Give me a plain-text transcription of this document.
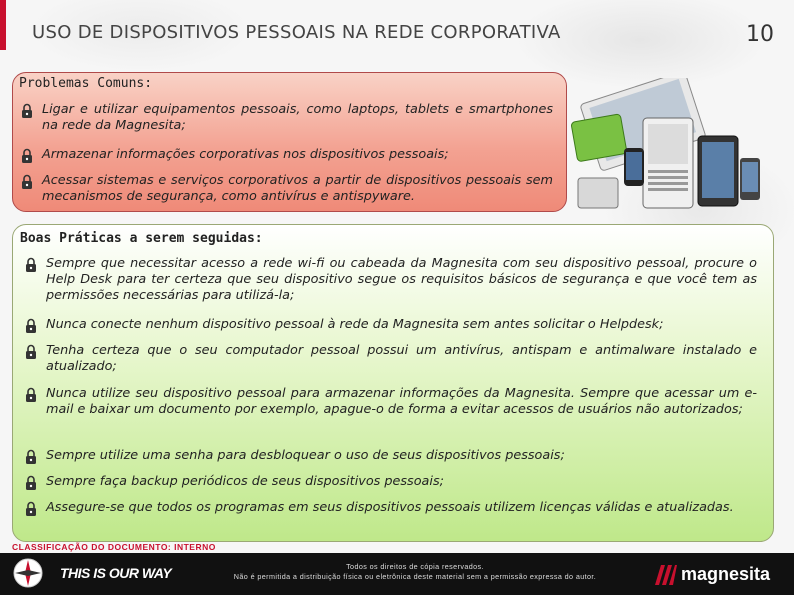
USO DE DISPOSITIVOS PESSOAIS NA REDE CORPORATIVA	10
Problemas Comuns:
Ligar e utilizar equipamentos pessoais, como laptops, tablets e smartphones na rede da Magnesita;
Armazenar informações corporativas nos dispositivos pessoais;
Acessar sistemas e serviços corporativos a partir de dispositivos pessoais sem mecanismos de segurança, como antivírus e antispyware.
Boas Práticas a serem seguidas:
Sempre que necessitar acesso a rede wi-fi ou cabeada da Magnesita com seu dispositivo pessoal, procure o Help Desk para ter certeza que seu dispositivo segue os requisitos básicos de segurança e que você tem as permissões necessárias para utilizá-la;
Nunca conecte nenhum dispositivo pessoal à rede da Magnesita sem antes solicitar o Helpdesk;
Tenha certeza que o seu computador pessoal possui um antivírus, antispam e antimalware instalado e atualizado;
Nunca utilize seu dispositivo pessoal para armazenar informações da Magnesita. Sempre que acessar um e-mail e baixar um documento por exemplo, apague-o de forma a evitar acessos de usuários não autorizados;
Sempre utilize uma senha para desbloquear o uso de seus dispositivos pessoais;
Sempre faça backup periódicos de seus dispositivos pessoais;
Assegure-se que todos os programas em seus dispositivos pessoais utilizem licenças válidas e atualizadas.
CLASSIFICAÇÃO DO DOCUMENTO: INTERNO
THIS IS OUR WAY	Todos os direitos de cópia reservados.
Não é permitida a distribuição física ou eletrônica deste material sem a permissão expressa do autor.	magnesita
